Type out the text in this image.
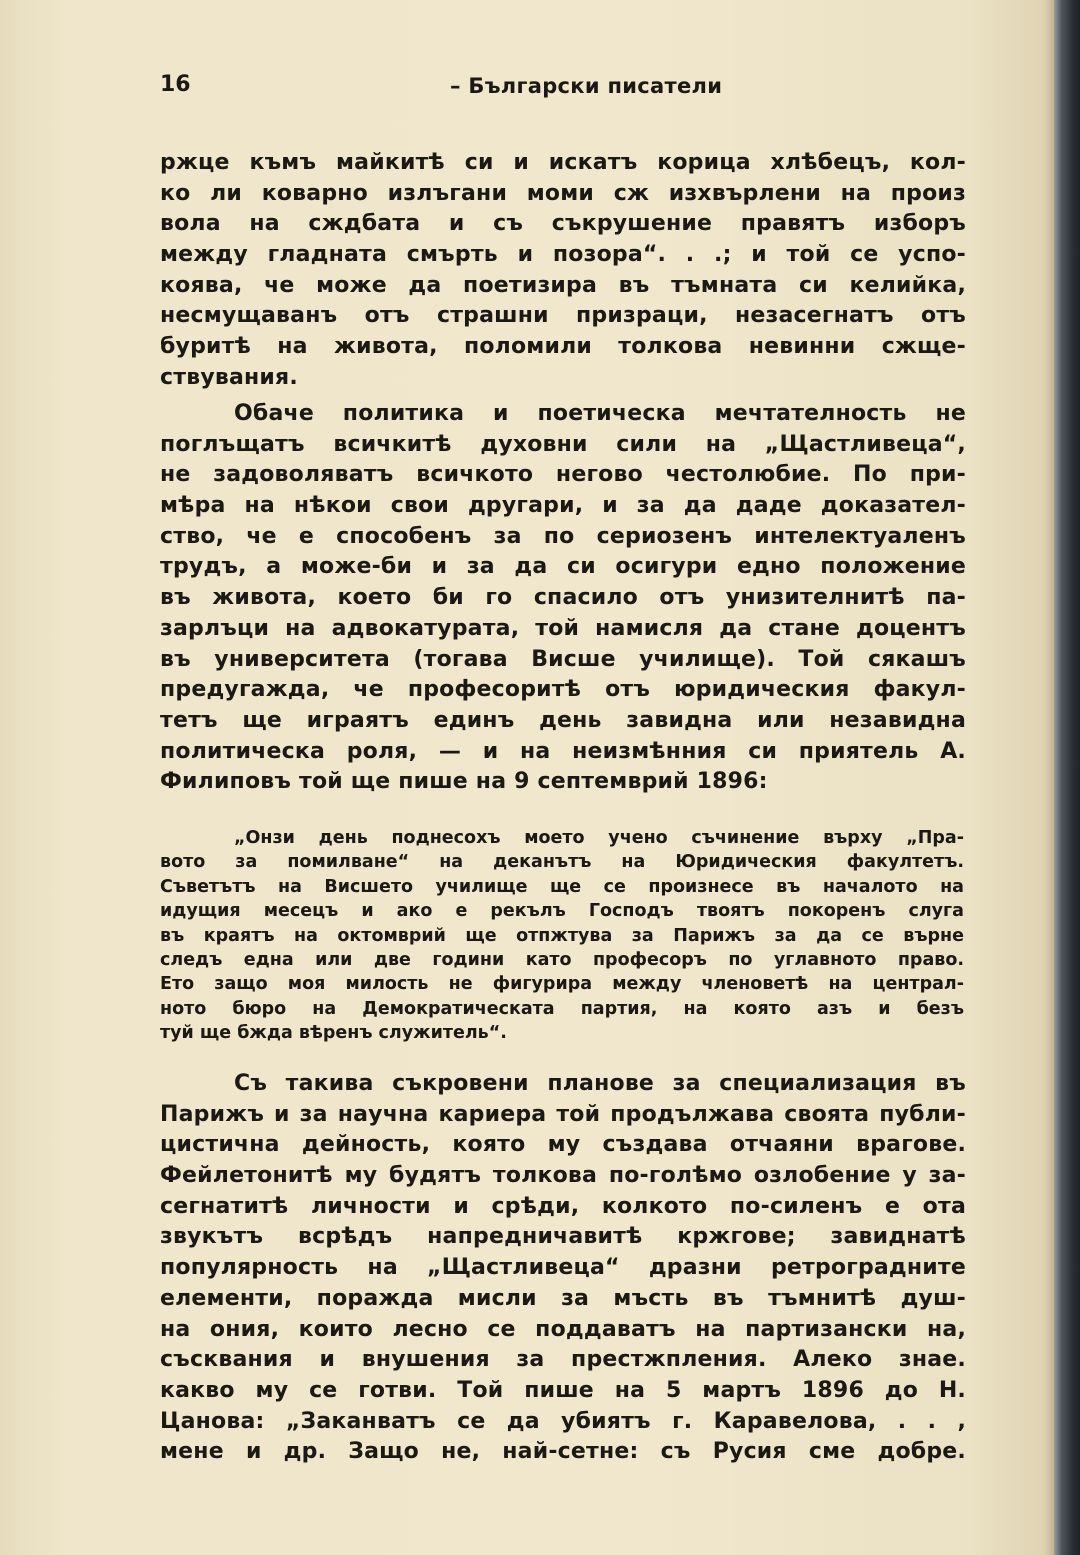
16	– Български писатели
ржце къмъ майкитѣ си и искатъ корица хлѣбецъ, кол-
ко ли коварно излъгани моми сж изхвърлени на произ
вола на сждбата и съ съкрушение правятъ изборъ
между гладната смърть и позора“. . .; и той се успо-
коява, че може да поетизира въ тъмната си келийка,
несмущаванъ отъ страшни призраци, незасегнатъ отъ
буритѣ на живота, поломили толкова невинни сжще-
ствувания.
Обаче политика и поетическа мечтателность не
поглъщатъ всичкитѣ духовни сили на „Щастливеца“,
не задоволяватъ всичкото негово честолюбие. По при-
мѣра на нѣкои свои другари, и за да даде доказател-
ство, че е способенъ за по сериозенъ интелектуаленъ
трудъ, а може-би и за да си осигури едно положение
въ живота, което би го спасило отъ унизителнитѣ па-
зарлъци на адвокатурата, той намисля да стане доцентъ
въ университета (тогава Висше училище). Той сякашъ
предугажда, че професоритѣ отъ юридическия факул-
тетъ ще играятъ единъ день завидна или незавидна
политическа роля, — и на неизмѣнния си приятель А.
Филиповъ той ще пише на 9 септемврий 1896:
„Онзи день поднесохъ моето учено съчинение върху „Пра-
вото за помилване“ на деканътъ на Юридическия факултетъ.
Съветътъ на Висшето училище ще се произнесе въ началото на
идущия месецъ и ако е рекълъ Господъ твоятъ покоренъ слуга
въ краятъ на октомврий ще отпжтува за Парижъ за да се върне
следъ една или две години като професоръ по углавното право.
Ето защо моя милость не фигурира между членоветѣ на централ-
ното бюро на Демократическата партия, на която азъ и безъ
туй ще бжда вѣренъ служитель“.
Съ такива съкровени планове за специализация въ
Парижъ и за научна кариера той продължава своята публи-
цистична дейность, която му създава отчаяни врагове.
Фейлетонитѣ му будятъ толкова по-голѣмо озлобение у за-
сегнатитѣ личности и срѣди, колкото по-силенъ е ота
звукътъ всрѣдъ напредничавитѣ кржгове; завиднатѣ
популярность на „Щастливеца“ дразни ретроградните
елементи, поражда мисли за мъсть въ тъмнитѣ душ-
на ония, които лесно се поддаватъ на партизански на,
съсквания и внушения за престжпления. Алеко знае.
какво му се готви. Той пише на 5 мартъ 1896 до Н.
Цанова: „Заканватъ се да убиятъ г. Каравелова, . . ,
мене и др. Защо не, най-сетне: съ Русия сме добре.
